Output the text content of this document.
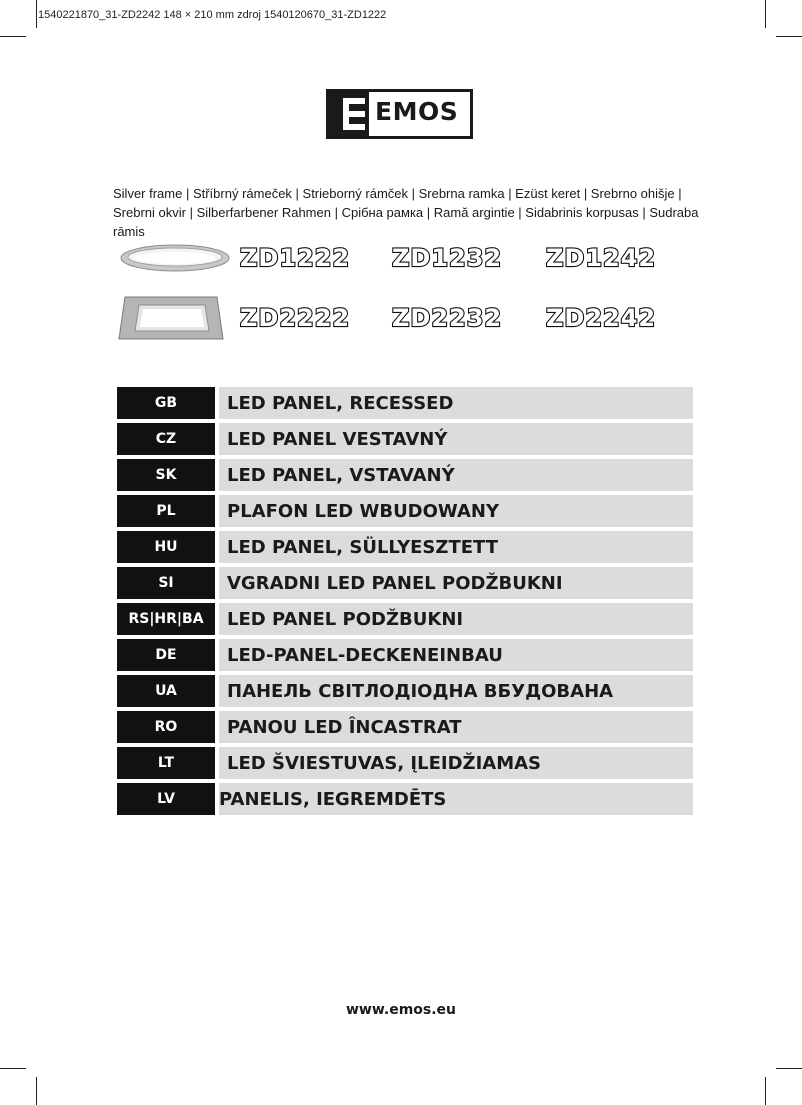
1540221870_31-ZD2242 148 × 210 mm zdroj 1540120670_31-ZD1222
EMOS
Silver frame | Stříbrný rámeček | Strieborný rámček | Srebrna ramka | Ezüst keret | Srebrno ohišje | Srebrni okvir | Silberfarbener Rahmen | Срібна рамка | Ramă argintie | Sidabrinis korpusas | Sudraba rāmis
ZD1222 ZD1232 ZD1242
ZD2222 ZD2232 ZD2242
GB	LED PANEL, RECESSED
CZ	LED PANEL VESTAVNÝ
SK	LED PANEL, VSTAVANÝ
PL	PLAFON LED WBUDOWANY
HU	LED PANEL, SÜLLYESZTETT
SI	VGRADNI LED PANEL PODŽBUKNI
RS|HR|BA	LED PANEL PODŽBUKNI
DE	LED-PANEL-DECKENEINBAU
UA	ПАНЕЛЬ СВІТЛОДІОДНА ВБУДОВАНА
RO	PANOU LED ÎNCASTRAT
LT	LED ŠVIESTUVAS, ĮLEIDŽIAMAS
LV	PANELIS, IEGREMDĒTS
www.emos.eu
